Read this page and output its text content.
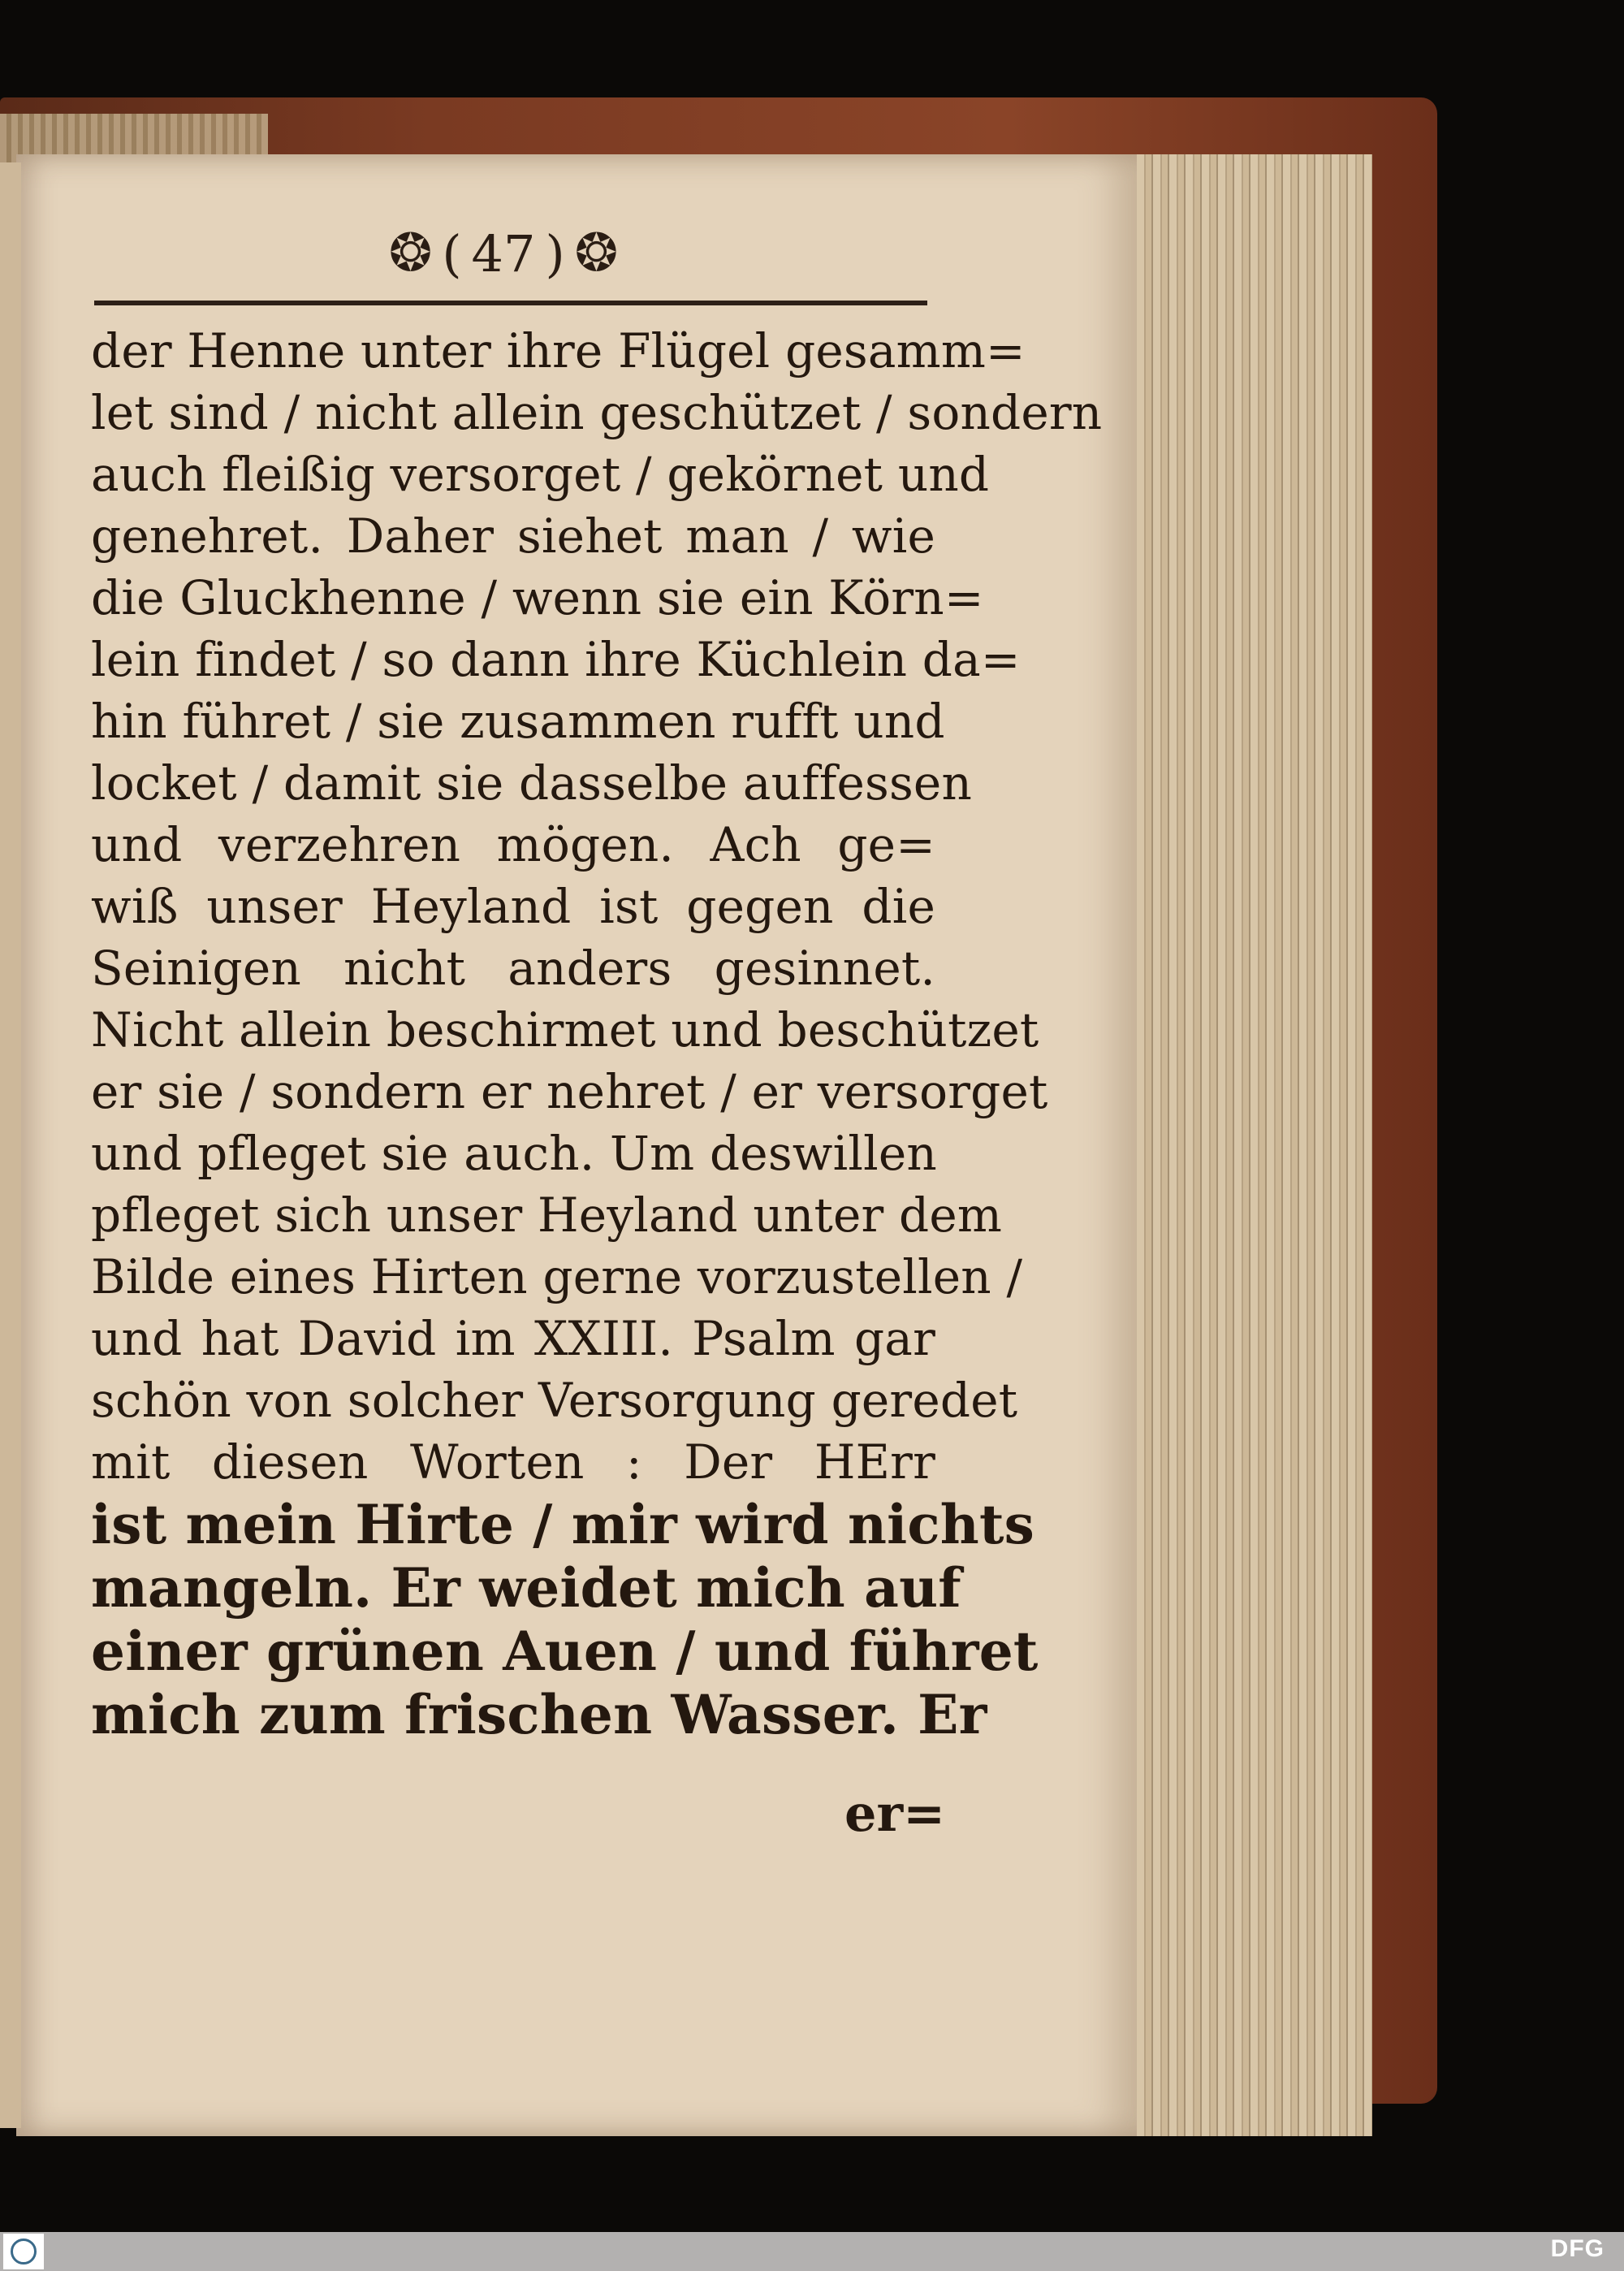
❂ ( 47 ) ❂
der Henne unter ihre Flügel gesamm=
let sind / nicht allein geschützet / sondern
auch fleißig versorget / gekörnet und
genehret. Daher siehet man / wie
die Gluckhenne / wenn sie ein Körn=
lein findet / so dann ihre Küchlein da=
hin führet / sie zusammen rufft und
locket / damit sie dasselbe auffessen
und verzehren mögen. Ach ge=
wiß unser Heyland ist gegen die
Seinigen nicht anders gesinnet.
Nicht allein beschirmet und beschützet
er sie / sondern er nehret / er versorget
und pfleget sie auch. Um deswillen
pfleget sich unser Heyland unter dem
Bilde eines Hirten gerne vorzustellen /
und hat David im XXIII. Psalm gar
schön von solcher Versorgung geredet
mit diesen Worten : Der HErr
ist mein Hirte / mir wird nichts
mangeln. Er weidet mich auf
einer grünen Auen / und führet
mich zum frischen Wasser. Er
er=
DFG
